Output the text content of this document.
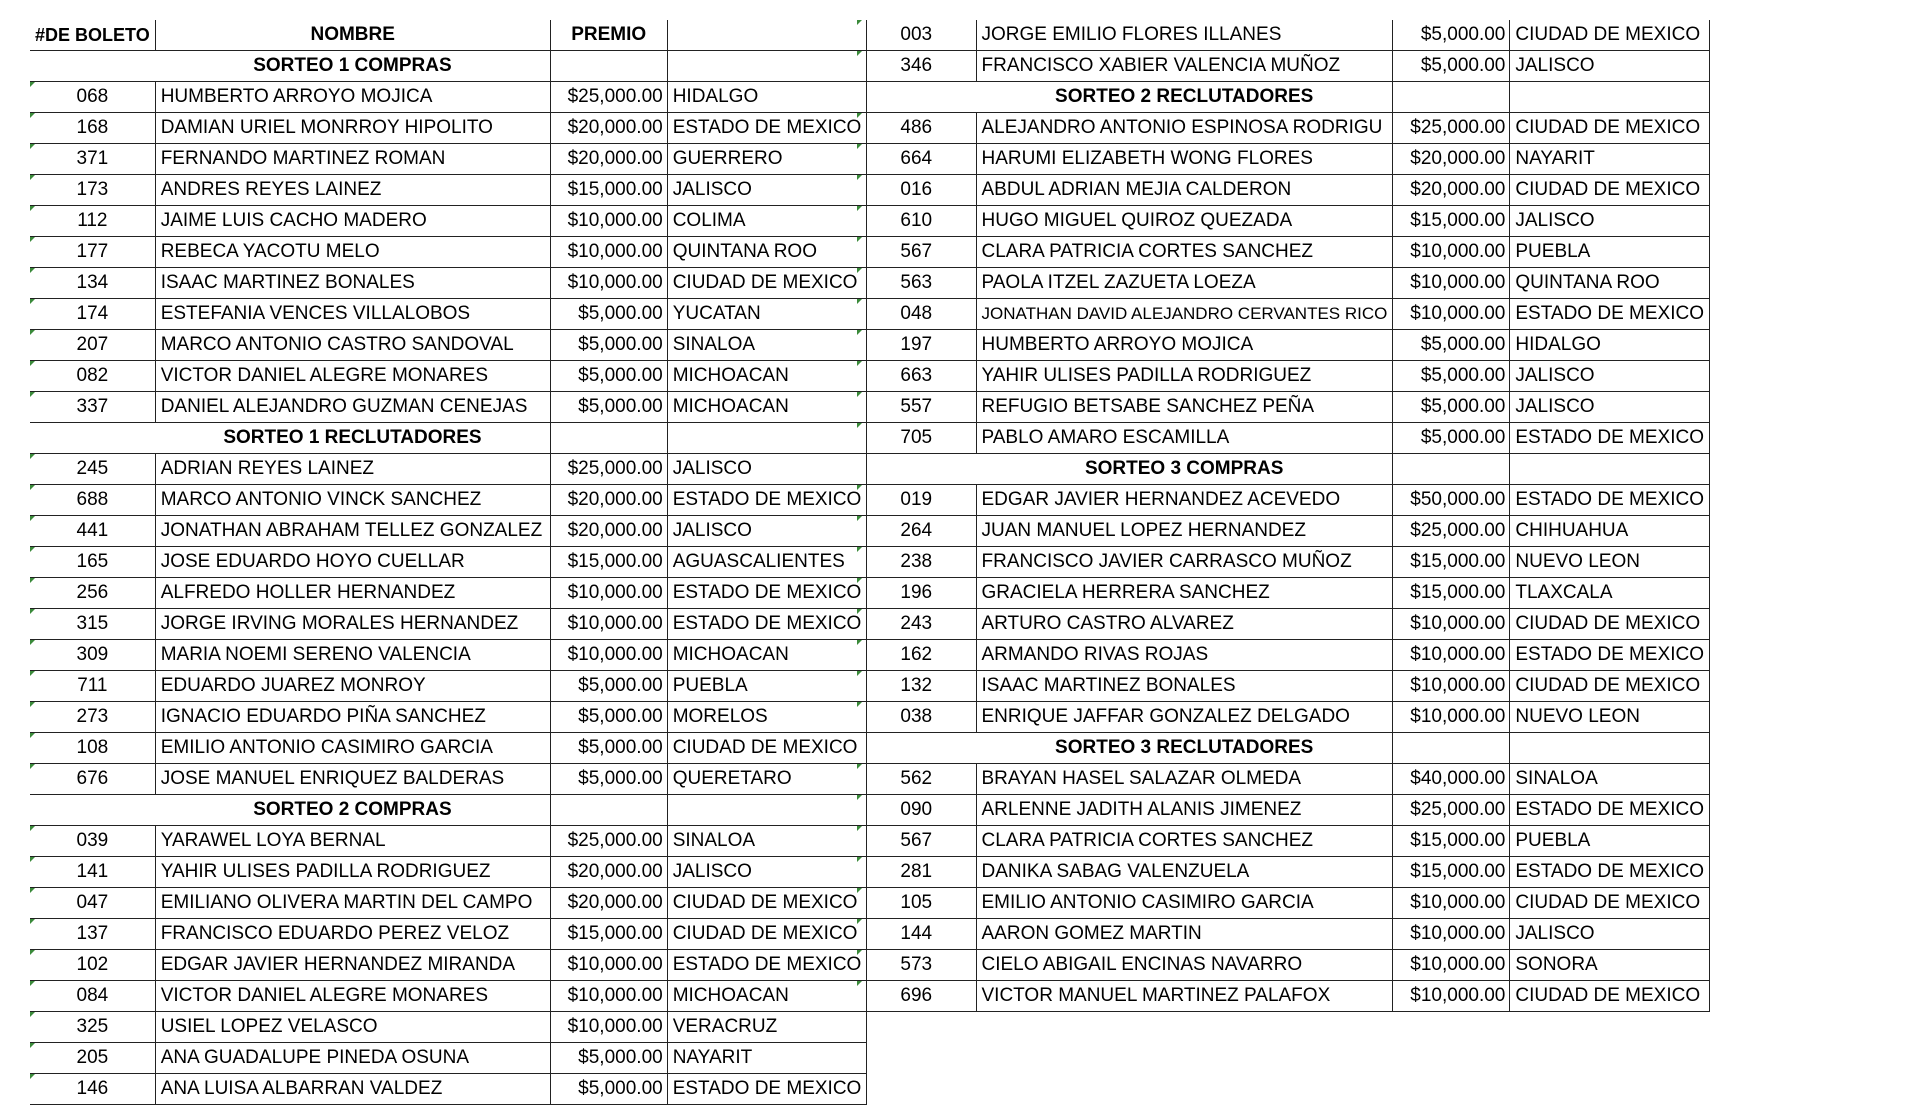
#DE BOLETO	NOMBRE	PREMIO	
	SORTEO 1 COMPRAS		
068	HUMBERTO ARROYO MOJICA	$25,000.00	HIDALGO
168	DAMIAN URIEL MONRROY HIPOLITO	$20,000.00	ESTADO DE MEXICO
371	FERNANDO MARTINEZ ROMAN	$20,000.00	GUERRERO
173	ANDRES REYES LAINEZ	$15,000.00	JALISCO
112	JAIME LUIS CACHO MADERO	$10,000.00	COLIMA
177	REBECA YACOTU MELO	$10,000.00	QUINTANA ROO
134	ISAAC MARTINEZ BONALES	$10,000.00	CIUDAD DE MEXICO
174	ESTEFANIA VENCES VILLALOBOS	$5,000.00	YUCATAN
207	MARCO ANTONIO CASTRO SANDOVAL	$5,000.00	SINALOA
082	VICTOR DANIEL ALEGRE MONARES	$5,000.00	MICHOACAN
337	DANIEL ALEJANDRO GUZMAN CENEJAS	$5,000.00	MICHOACAN
	SORTEO 1 RECLUTADORES		
245	ADRIAN REYES LAINEZ	$25,000.00	JALISCO
688	MARCO ANTONIO VINCK SANCHEZ	$20,000.00	ESTADO DE MEXICO
441	JONATHAN ABRAHAM TELLEZ GONZALEZ	$20,000.00	JALISCO
165	JOSE EDUARDO HOYO CUELLAR	$15,000.00	AGUASCALIENTES
256	ALFREDO HOLLER HERNANDEZ	$10,000.00	ESTADO DE MEXICO
315	JORGE IRVING MORALES HERNANDEZ	$10,000.00	ESTADO DE MEXICO
309	MARIA NOEMI SERENO VALENCIA	$10,000.00	MICHOACAN
711	EDUARDO JUAREZ MONROY	$5,000.00	PUEBLA
273	IGNACIO EDUARDO PIÑA SANCHEZ	$5,000.00	MORELOS
108	EMILIO ANTONIO CASIMIRO GARCIA	$5,000.00	CIUDAD DE MEXICO
676	JOSE MANUEL ENRIQUEZ BALDERAS	$5,000.00	QUERETARO
	SORTEO 2 COMPRAS		
039	YARAWEL LOYA BERNAL	$25,000.00	SINALOA
141	YAHIR ULISES PADILLA RODRIGUEZ	$20,000.00	JALISCO
047	EMILIANO OLIVERA MARTIN DEL CAMPO	$20,000.00	CIUDAD DE MEXICO
137	FRANCISCO EDUARDO PEREZ VELOZ	$15,000.00	CIUDAD DE MEXICO
102	EDGAR JAVIER HERNANDEZ MIRANDA	$10,000.00	ESTADO DE MEXICO
084	VICTOR DANIEL ALEGRE MONARES	$10,000.00	MICHOACAN
325	USIEL LOPEZ VELASCO	$10,000.00	VERACRUZ
205	ANA GUADALUPE PINEDA OSUNA	$5,000.00	NAYARIT
146	ANA LUISA ALBARRAN VALDEZ	$5,000.00	ESTADO DE MEXICO
003	JORGE EMILIO FLORES ILLANES	$5,000.00	CIUDAD DE MEXICO
346	FRANCISCO XABIER VALENCIA MUÑOZ	$5,000.00	JALISCO
	SORTEO 2 RECLUTADORES		
486	ALEJANDRO ANTONIO ESPINOSA RODRIGU	$25,000.00	CIUDAD DE MEXICO
664	HARUMI ELIZABETH WONG FLORES	$20,000.00	NAYARIT
016	ABDUL ADRIAN MEJIA CALDERON	$20,000.00	CIUDAD DE MEXICO
610	HUGO MIGUEL QUIROZ QUEZADA	$15,000.00	JALISCO
567	CLARA PATRICIA CORTES SANCHEZ	$10,000.00	PUEBLA
563	PAOLA ITZEL ZAZUETA LOEZA	$10,000.00	QUINTANA ROO
048	JONATHAN DAVID ALEJANDRO CERVANTES RICO	$10,000.00	ESTADO DE MEXICO
197	HUMBERTO ARROYO MOJICA	$5,000.00	HIDALGO
663	YAHIR ULISES PADILLA RODRIGUEZ	$5,000.00	JALISCO
557	REFUGIO BETSABE SANCHEZ PEÑA	$5,000.00	JALISCO
705	PABLO AMARO ESCAMILLA	$5,000.00	ESTADO DE MEXICO
	SORTEO 3 COMPRAS		
019	EDGAR JAVIER HERNANDEZ ACEVEDO	$50,000.00	ESTADO DE MEXICO
264	JUAN MANUEL LOPEZ HERNANDEZ	$25,000.00	CHIHUAHUA
238	FRANCISCO JAVIER CARRASCO MUÑOZ	$15,000.00	NUEVO LEON
196	GRACIELA HERRERA SANCHEZ	$15,000.00	TLAXCALA
243	ARTURO CASTRO ALVAREZ	$10,000.00	CIUDAD DE MEXICO
162	ARMANDO RIVAS ROJAS	$10,000.00	ESTADO DE MEXICO
132	ISAAC MARTINEZ BONALES	$10,000.00	CIUDAD DE MEXICO
038	ENRIQUE JAFFAR GONZALEZ DELGADO	$10,000.00	NUEVO LEON
	SORTEO 3 RECLUTADORES		
562	BRAYAN HASEL SALAZAR OLMEDA	$40,000.00	SINALOA
090	ARLENNE JADITH ALANIS JIMENEZ	$25,000.00	ESTADO DE MEXICO
567	CLARA PATRICIA CORTES SANCHEZ	$15,000.00	PUEBLA
281	DANIKA SABAG VALENZUELA	$15,000.00	ESTADO DE MEXICO
105	EMILIO ANTONIO CASIMIRO GARCIA	$10,000.00	CIUDAD DE MEXICO
144	AARON GOMEZ MARTIN	$10,000.00	JALISCO
573	CIELO ABIGAIL ENCINAS NAVARRO	$10,000.00	SONORA
696	VICTOR MANUEL MARTINEZ PALAFOX	$10,000.00	CIUDAD DE MEXICO
